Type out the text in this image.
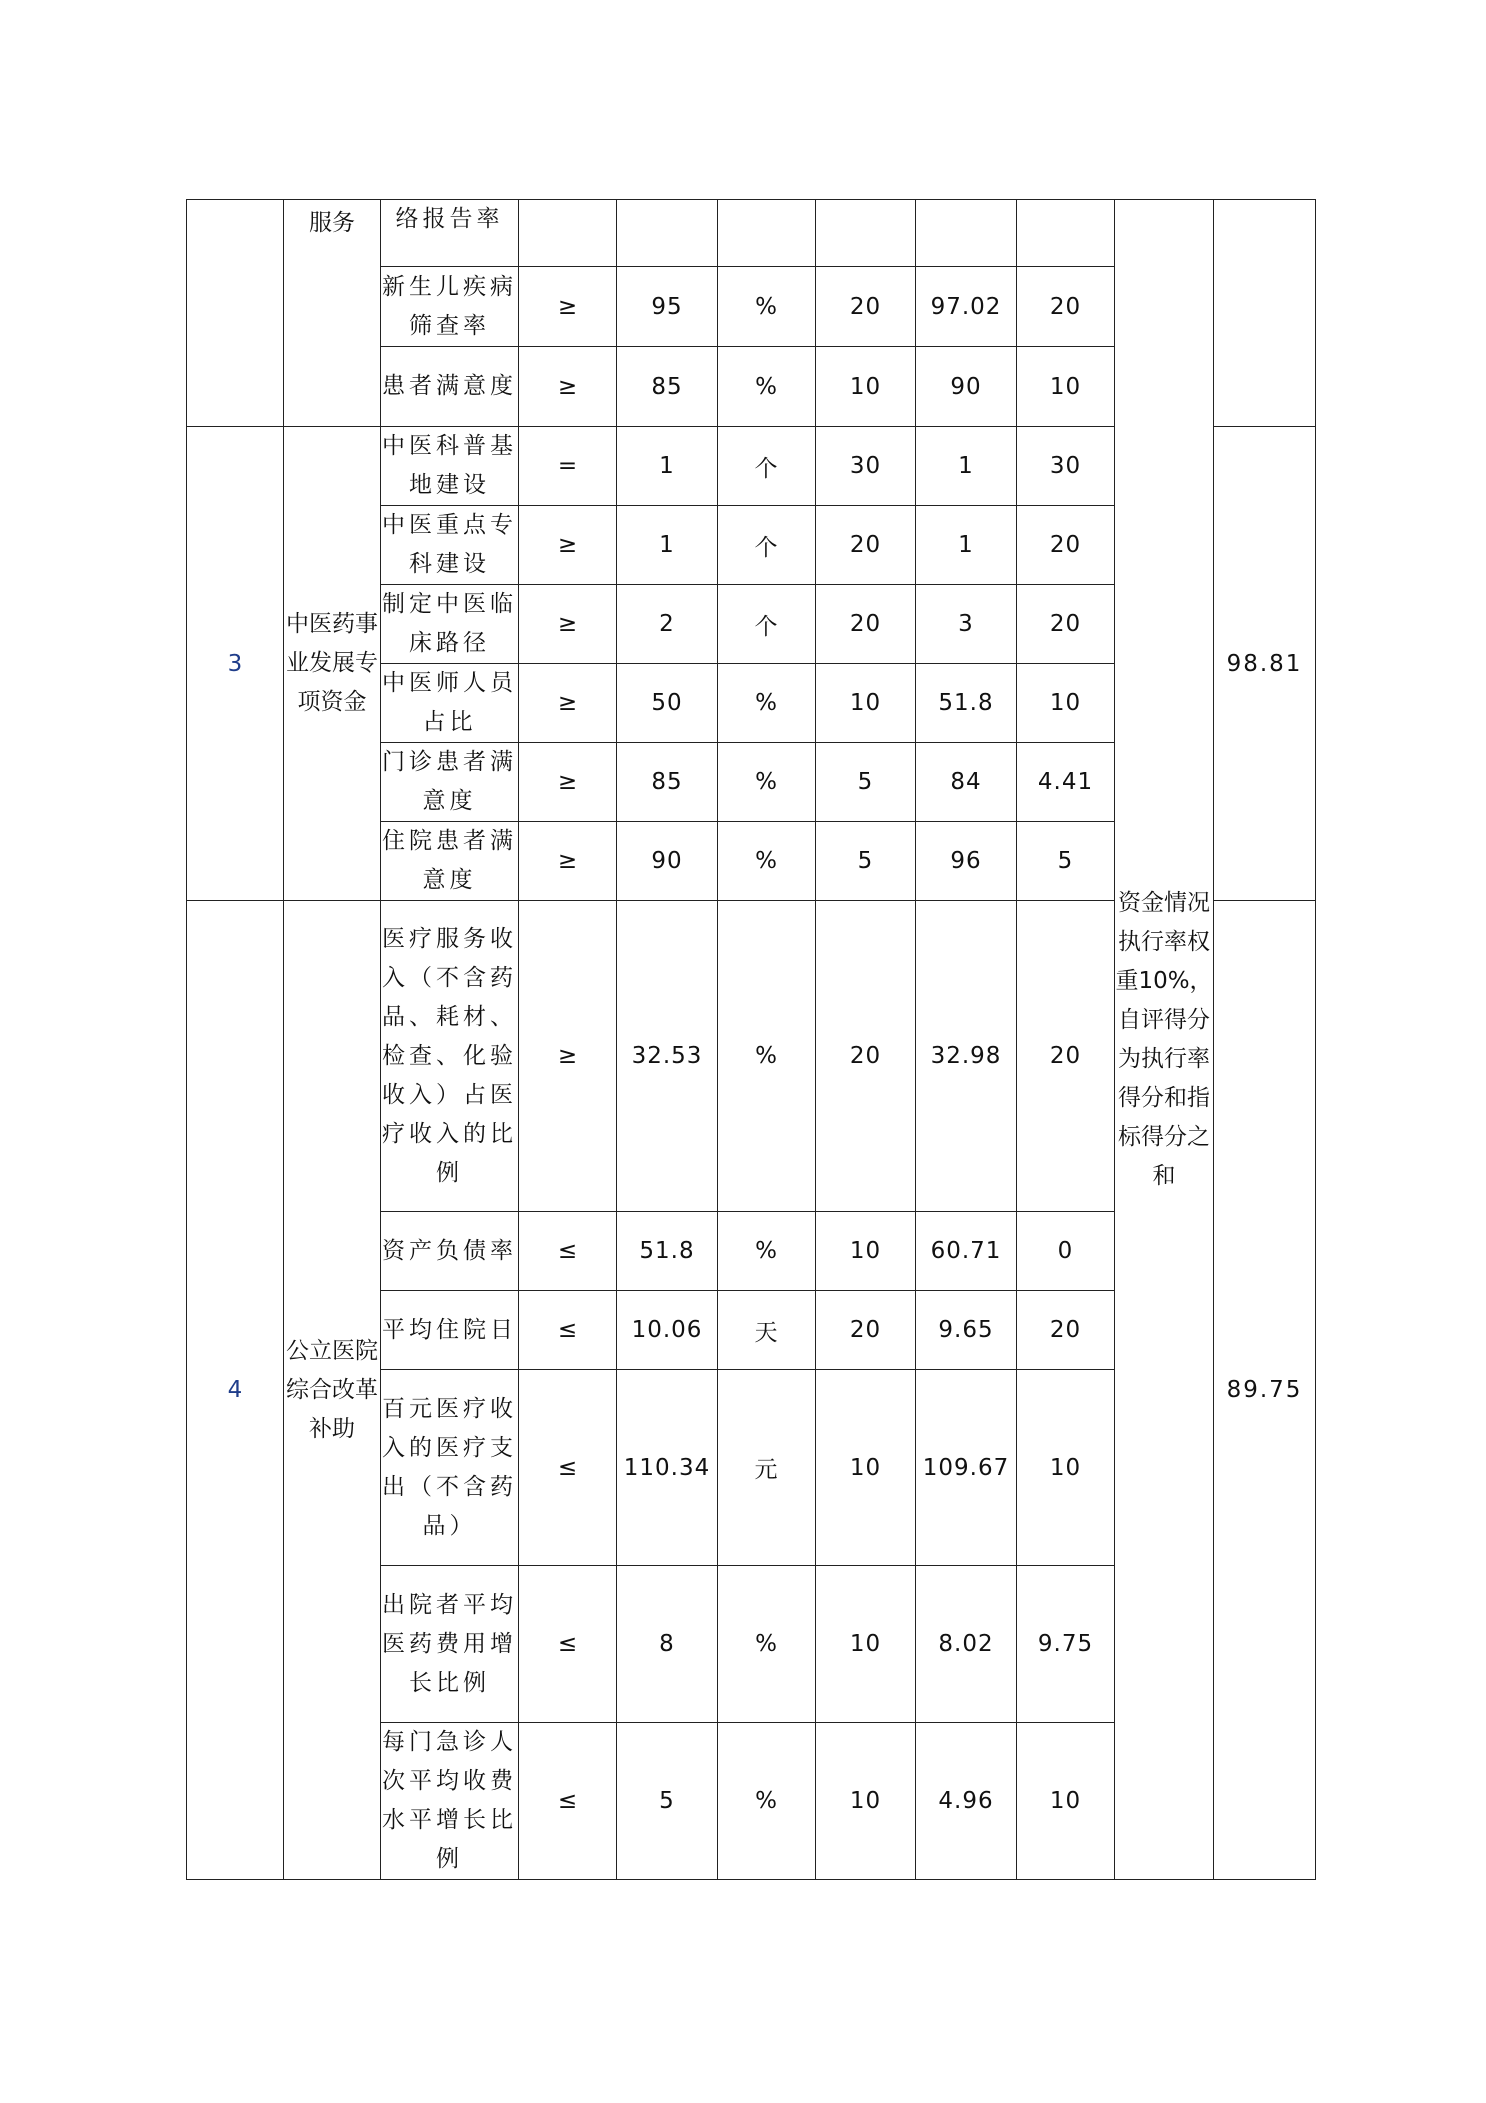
	服务	络报告率							资金情况执行率权重10%，自评得分为执行率得分和指标得分之和	
		新生儿疾病筛查率	≥	95	%	20	97.02	20		
		患者满意度	≥	85	%	10	90	10		
3	中医药事业发展专项资金	中医科普基地建设	=	1	个	30	1	30		98.81
		中医重点专科建设	≥	1	个	20	1	20		
		制定中医临床路径	≥	2	个	20	3	20		
		中医师人员占比	≥	50	%	10	51.8	10		
		门诊患者满意度	≥	85	%	5	84	4.41		
		住院患者满意度	≥	90	%	5	96	5		
4	公立医院综合改革补助	医疗服务收入（不含药品、耗材、检查、化验收入）占医疗收入的比例	≥	32.53	%	20	32.98	20		89.75
		资产负债率	≤	51.8	%	10	60.71	0		
		平均住院日	≤	10.06	天	20	9.65	20		
		百元医疗收入的医疗支出（不含药品）	≤	110.34	元	10	109.67	10		
		出院者平均医药费用增长比例	≤	8	%	10	8.02	9.75		
		每门急诊人次平均收费水平增长比例	≤	5	%	10	4.96	10		
